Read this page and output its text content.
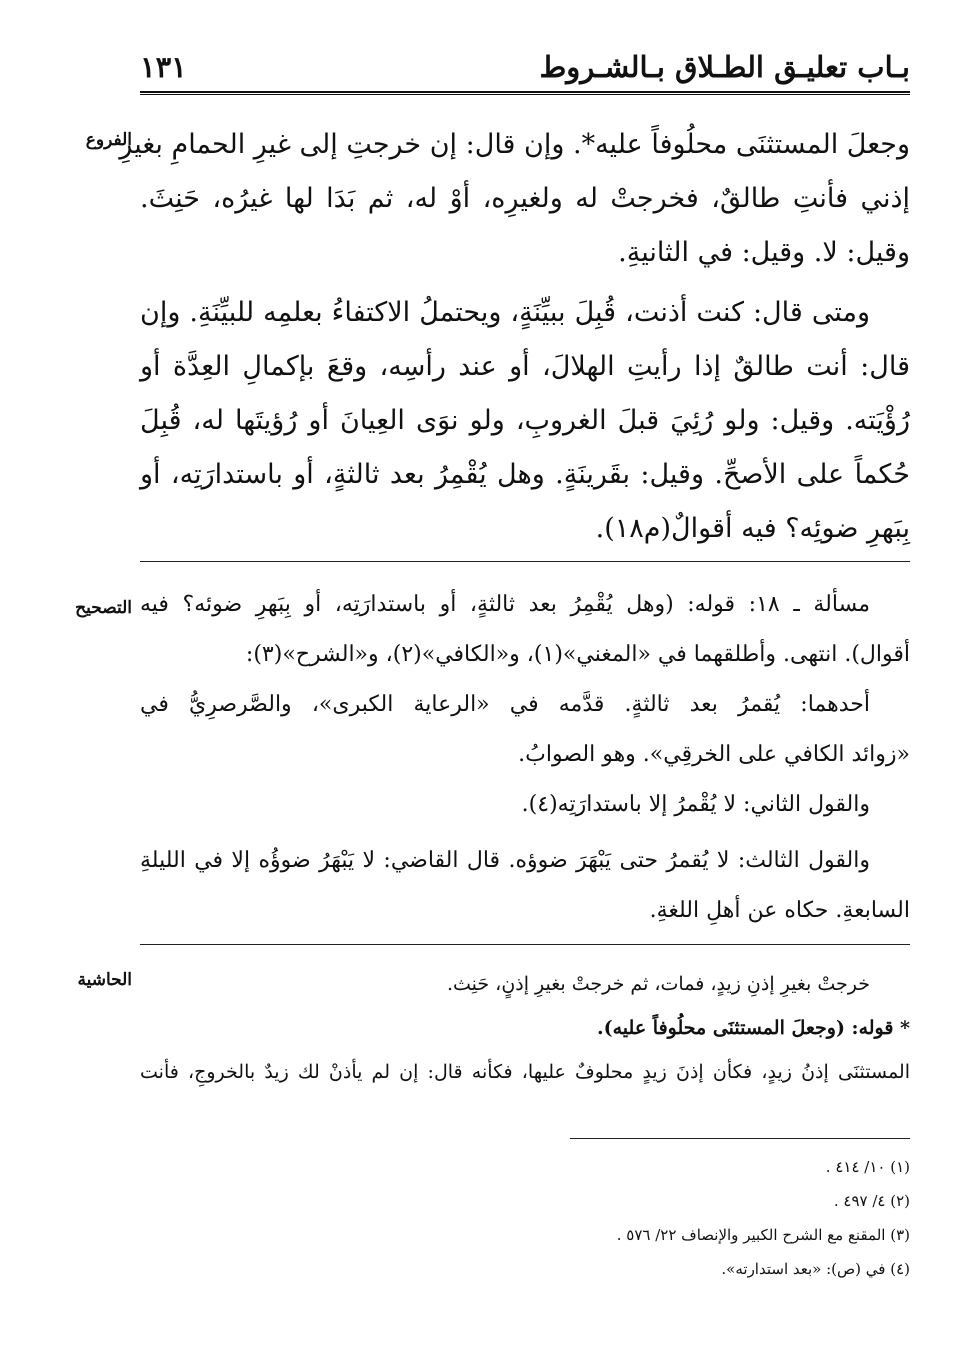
بـاب تعليـق الطـلاق بـالشـروط
١٣١
الفروع
التصحيح
الحاشية
وجعلَ المستثنَى محلُوفاً عليه*. وإن قال: إن خرجتِ إلى غيرِ الحمامِ بغيرِ
إذني فأنتِ طالقٌ، فخرجتْ له ولغيرِه، أوْ له، ثم بَدَا لها غيرُه، حَنِثَ.
وقيل: لا. وقيل: في الثانيةِ.
ومتى قال: كنت أذنت، قُبِلَ ببيِّنَةٍ، ويحتملُ الاكتفاءُ بعلمِه للبيِّنَةِ. وإن
قال: أنت طالقٌ إذا رأيتِ الهلالَ، أو عند رأسِه، وقعَ بإكمالِ العِدَّة أو
رُؤْيَته. وقيل: ولو رُئِيَ قبلَ الغروبِ، ولو نوَى العِيانَ أو رُؤيتَها له، قُبِلَ
حُكماً على الأصحِّ. وقيل: بقَرينَةٍ. وهل يُقْمِرُ بعد ثالثةٍ، أو باستدارَتِه، أو
بِبَهرِ ضوئِه؟ فيه أقوالٌ(م١٨).
مسألة ـ ١٨: قوله: (وهل يُقْمِرُ بعد ثالثةٍ، أو باستدارَتِه، أو بِبَهرِ ضوئه؟ فيه
أقوال). انتهى. وأطلقهما في «المغني»(١)، و«الكافي»(٢)، و«الشرح»(٣):
أحدهما: يُقمرُ بعد ثالثةٍ. قدَّمه في «الرعاية الكبرى»، والصَّرصرِيُّ في
«زوائد الكافي على الخرقِي». وهو الصوابُ.
والقول الثاني: لا يُقْمرُ إلا باستدارَتِه(٤).
والقول الثالث: لا يُقمرُ حتى يَبْهَرَ ضوؤه. قال القاضي: لا يَبْهَرُ ضوؤُه إلا في الليلةِ
السابعةِ. حكاه عن أهلِ اللغةِ.
خرجتْ بغيرِ إذنِ زيدٍ، فمات، ثم خرجتْ بغيرِ إذنٍ، حَنِث.
* قوله: (وجعلَ المستثنَى محلُوفاً عليه).
المستثنَى إذنُ زيدٍ، فكأن إذنَ زيدٍ محلوفٌ عليها، فكأنه قال: إن لم يأذنْ لك زيدٌ بالخروجِ، فأنت
(١) ١٠/ ٤١٤ .
(٢) ٤/ ٤٩٧ .
(٣) المقنع مع الشرح الكبير والإنصاف ٢٢/ ٥٧٦ .
(٤) في (ص): «بعد استدارته».
